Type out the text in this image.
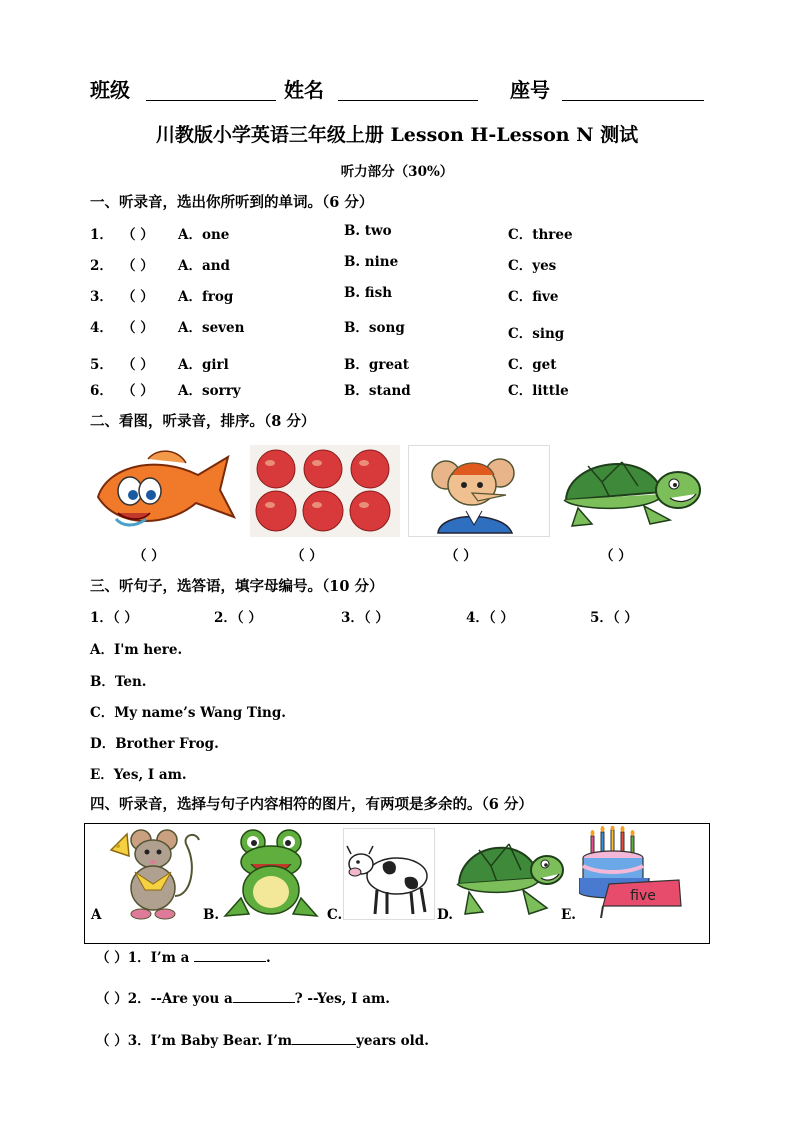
班级	姓名	座号
川教版小学英语三年级上册 Lesson H-Lesson N 测试
听力部分（30%）
一、听录音，选出你所听到的单词。（6 分）
1． （ ） A．one	B. two	C．three
2． （ ） A．and	B. nine	C．yes
3． （ ） A．frog	B. fish	C．five
4． （ ） A．seven	B．song	C．sing
5． （ ） A．girl	B．great	C．get
6． （ ） A．sorry	B．stand	C．little
二、看图，听录音，排序。（8 分）
（ ）	（ ）	（ ）	（ ）
三、听句子，选答语，填字母编号。（10 分）
1．（ ）	2．（ ）	3．（ ）	4．（ ）	5．（ ）
A．I'm here.
B．Ten.
C．My name’s Wang Ting.
D．Brother Frog.
E．Yes, I am.
四、听录音，选择与句子内容相符的图片，有两项是多余的。（6 分）
A	B.	C.	D.
five
E.
（ ）1．I’m a	.
（ ）2．--Are you a	? --Yes, I am.
（ ）3．I’m Baby Bear. I’m	years old.
